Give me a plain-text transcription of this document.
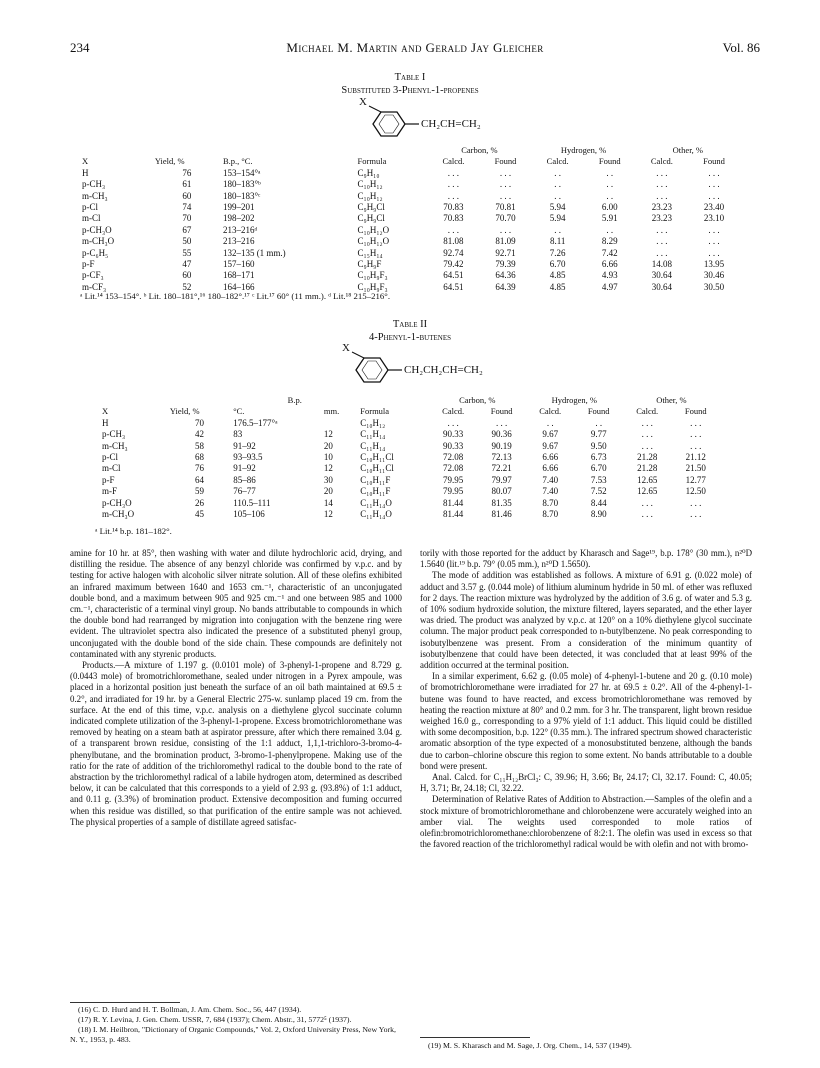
234	Michael M. Martin and Gerald Jay Gleicher	Vol. 86
Table I
Substituted 3-Phenyl-1-propenes
X
CH₂CH=CH₂
				Carbon, %		Hydrogen, %		Other, %	
X	Yield, %	B.p., °C.	Formula	Calcd.	Found	Calcd.	Found	Calcd.	Found
H	76	153–154°ᵃ	C₉H₁₀	. . .	. . .	. .	. .	. . .	. . .
p-CH₃	61	180–183°ᵇ	C₁₀H₁₂	. . .	. . .	. .	. .	. . .	. . .
m-CH₃	60	180–183°ᶜ	C₁₀H₁₂	. . .	. . .	. .	. .	. . .	. . .
p-Cl	74	199–201	C₉H₉Cl	70.83	70.81	5.94	6.00	23.23	23.40
m-Cl	70	198–202	C₉H₉Cl	70.83	70.70	5.94	5.91	23.23	23.10
p-CH₃O	67	213–216ᵈ	C₁₀H₁₂O	. . .	. . .	. .	. .	. . .	. . .
m-CH₃O	50	213–216	C₁₀H₁₂O	81.08	81.09	8.11	8.29	. . .	. . .
p-C₆H₅	55	132–135 (1 mm.)	C₁₅H₁₄	92.74	92.71	7.26	7.42	. . .	. . .
p-F	47	157–160	C₉H₉F	79.42	79.39	6.70	6.66	14.08	13.95
p-CF₃	60	168–171	C₁₀H₉F₃	64.51	64.36	4.85	4.93	30.64	30.46
m-CF₃	52	164–166	C₁₀H₉F₃	64.51	64.39	4.85	4.97	30.64	30.50
ᵃ Lit.¹⁴ 153–154°. ᵇ Lit. 180–181°,¹⁶ 180–182°.¹⁷ ᶜ Lit.¹⁷ 60° (11 mm.). ᵈ Lit.¹⁸ 215–216°.
Table II
4-Phenyl-1-butenes
X
CH₂CH₂CH=CH₂
		B.p.			Carbon, %		Hydrogen, %		Other, %	
X	Yield, %	°C.	mm.	Formula	Calcd.	Found	Calcd.	Found	Calcd.	Found
H	70	176.5–177°ᵃ		C₁₀H₁₂	. . .	. . .	. .	. .	. . .	. . .
p-CH₃	42	83	12	C₁₁H₁₄	90.33	90.36	9.67	9.77	. . .	. . .
m-CH₃	58	91–92	20	C₁₁H₁₄	90.33	90.19	9.67	9.50	. . .	. . .
p-Cl	68	93–93.5	10	C₁₀H₁₁Cl	72.08	72.13	6.66	6.73	21.28	21.12
m-Cl	76	91–92	12	C₁₀H₁₁Cl	72.08	72.21	6.66	6.70	21.28	21.50
p-F	64	85–86	30	C₁₀H₁₁F	79.95	79.97	7.40	7.53	12.65	12.77
m-F	59	76–77	20	C₁₀H₁₁F	79.95	80.07	7.40	7.52	12.65	12.50
p-CH₃O	26	110.5–111	14	C₁₁H₁₄O	81.44	81.35	8.70	8.44	. . .	. . .
m-CH₃O	45	105–106	12	C₁₁H₁₄O	81.44	81.46	8.70	8.90	. . .	. . .
ᵃ Lit.¹⁴ b.p. 181–182°.

amine for 10 hr. at 85°, then washing with water and dilute hydrochloric acid, drying, and distilling the residue. The absence of any benzyl chloride was confirmed by v.p.c. and by testing for active halogen with alcoholic silver nitrate solution. All of these olefins exhibited an infrared maximum between 1640 and 1653 cm.⁻¹, characteristic of an unconjugated double bond, and a maximum between 905 and 925 cm.⁻¹ and one between 985 and 1000 cm.⁻¹, characteristic of a terminal vinyl group. No bands attributable to compounds in which the double bond had rearranged by migration into conjugation with the benzene ring were evident. The ultraviolet spectra also indicated the presence of a substituted phenyl group, unconjugated with the double bond of the side chain. These compounds are definitely not contaminated with any styrenic products.

Products.—A mixture of 1.197 g. (0.0101 mole) of 3-phenyl-1-propene and 8.729 g. (0.0443 mole) of bromotrichloromethane, sealed under nitrogen in a Pyrex ampoule, was placed in a horizontal position just beneath the surface of an oil bath maintained at 69.5 ± 0.2°, and irradiated for 19 hr. by a General Electric 275-w. sunlamp placed 19 cm. from the surface. At the end of this time, v.p.c. analysis on a diethylene glycol succinate column indicated complete utilization of the 3-phenyl-1-propene. Excess bromotrichloromethane was removed by heating on a steam bath at aspirator pressure, after which there remained 3.04 g. of a transparent brown residue, consisting of the 1:1 adduct, 1,1,1-trichloro-3-bromo-4-phenylbutane, and the bromination product, 3-bromo-1-phenylpropene. Making use of the ratio for the rate of addition of the trichloromethyl radical to the double bond to the rate of abstraction by the trichloromethyl radical of a labile hydrogen atom, determined as described below, it can be calculated that this corresponds to a yield of 2.93 g. (93.8%) of 1:1 adduct, and 0.11 g. (3.3%) of bromination product. Extensive decomposition and fuming occurred when this residue was distilled, so that purification of the entire sample was not achieved. The physical properties of a sample of distillate agreed satisfac-

torily with those reported for the adduct by Kharasch and Sage¹⁹, b.p. 178° (30 mm.), n²⁰D 1.5640 (lit.¹⁹ b.p. 79° (0.05 mm.), n²⁰D 1.5650).

The mode of addition was established as follows. A mixture of 6.91 g. (0.022 mole) of adduct and 3.57 g. (0.044 mole) of lithium aluminum hydride in 50 ml. of ether was refluxed for 2 days. The reaction mixture was hydrolyzed by the addition of 3.6 g. of water and 5.3 g. of 10% sodium hydroxide solution, the mixture filtered, layers separated, and the ether layer was dried. The product was analyzed by v.p.c. at 120° on a 10% diethylene glycol succinate column. The major product peak corresponded to n-butylbenzene. No peak corresponding to isobutylbenzene was present. From a consideration of the minimum quantity of isobutylbenzene that could have been detected, it was concluded that at least 99% of the addition occurred at the terminal position.

In a similar experiment, 6.62 g. (0.05 mole) of 4-phenyl-1-butene and 20 g. (0.10 mole) of bromotrichloromethane were irradiated for 27 hr. at 69.5 ± 0.2°. All of the 4-phenyl-1-butene was found to have reacted, and excess bromotrichloromethane was removed by heating the reaction mixture at 80° and 0.2 mm. for 3 hr. The transparent, light brown residue weighed 16.0 g., corresponding to a 97% yield of 1:1 adduct. This liquid could be distilled with some decomposition, b.p. 122° (0.35 mm.). The infrared spectrum showed characteristic aromatic absorption of the type expected of a monosubstituted benzene, although the bands due to carbon–chlorine obscure this region to some extent. No bands attributable to a double bond were present.

Anal. Calcd. for C₁₁H₁₂BrCl₃: C, 39.96; H, 3.66; Br, 24.17; Cl, 32.17. Found: C, 40.05; H, 3.71; Br, 24.18; Cl, 32.22.

Determination of Relative Rates of Addition to Abstraction.—Samples of the olefin and a stock mixture of bromotrichloromethane and chlorobenzene were accurately weighed into an amber vial. The weights used corresponded to mole ratios of olefin:bromotrichloromethane:chlorobenzene of 8:2:1. The olefin was used in excess so that the favored reaction of the trichloromethyl radical would be with olefin and not with bromo-

(16) C. D. Hurd and H. T. Bollman, J. Am. Chem. Soc., 56, 447 (1934).

(17) R. Y. Levina, J. Gen. Chem. USSR, 7, 684 (1937); Chem. Abstr., 31, 5772⁵ (1937).

(18) I. M. Heilbron, "Dictionary of Organic Compounds," Vol. 2, Oxford University Press, New York, N. Y., 1953, p. 483.

(19) M. S. Kharasch and M. Sage, J. Org. Chem., 14, 537 (1949).
